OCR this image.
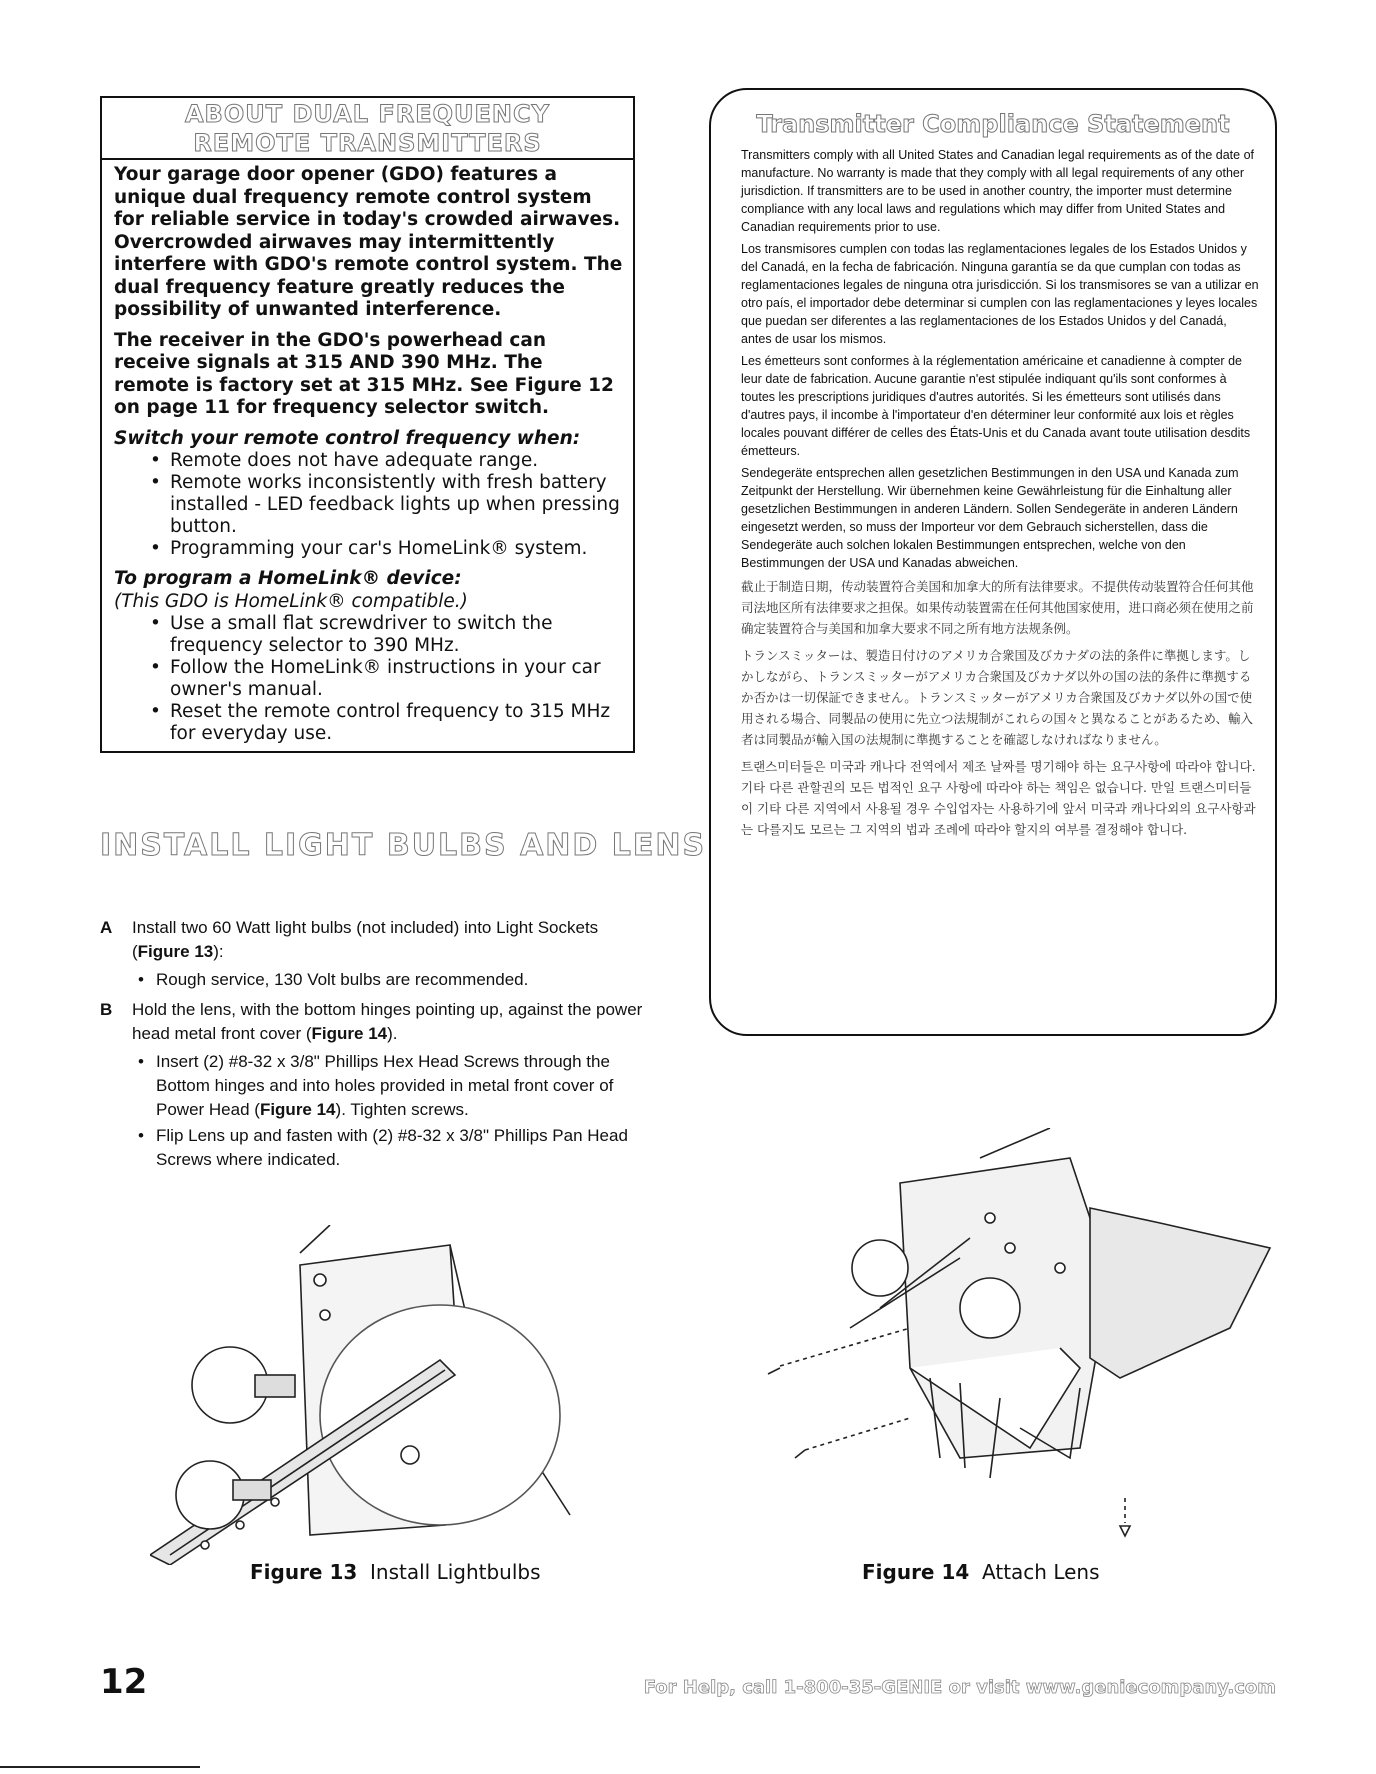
ABOUT DUAL FREQUENCY
REMOTE TRANSMITTERS

Your garage door opener (GDO) features a unique dual frequency remote control system for reliable service in today's crowded airwaves. Overcrowded airwaves may intermittently interfere with GDO's remote control system. The dual frequency feature greatly reduces the possibility of unwanted interference.

The receiver in the GDO's powerhead can receive signals at 315 AND 390 MHz. The remote is factory set at 315 MHz. See Figure 12 on page 11 for frequency selector switch.

Switch your remote control frequency when:

• Remote does not have adequate range.
• Remote works inconsistently with fresh battery installed - LED feedback lights up when pressing button.
• Programming your car's HomeLink® system.

To program a HomeLink® device:

(This GDO is HomeLink® compatible.)

• Use a small flat screwdriver to switch the frequency selector to 390 MHz.
• Follow the HomeLink® instructions in your car owner's manual.
• Reset the remote control frequency to 315 MHz for everyday use.
Transmitter Compliance Statement

Transmitters comply with all United States and Canadian legal requirements as of the date of manufacture. No warranty is made that they comply with all legal requirements of any other jurisdiction. If transmitters are to be used in another country, the importer must determine compliance with any local laws and regulations which may differ from United States and Canadian requirements prior to use.

Los transmisores cumplen con todas las reglamentaciones legales de los Estados Unidos y del Canadá, en la fecha de fabricación. Ninguna garantía se da que cumplan con todas as reglamentaciones legales de ninguna otra jurisdicción. Si los transmisores se van a utilizar en otro país, el importador debe determinar si cumplen con las reglamentaciones y leyes locales que puedan ser diferentes a las reglamentaciones de los Estados Unidos y del Canadá, antes de usar los mismos.

Les émetteurs sont conformes à la réglementation américaine et canadienne à compter de leur date de fabrication. Aucune garantie n'est stipulée indiquant qu'ils sont conformes à toutes les prescriptions juridiques d'autres autorités. Si les émetteurs sont utilisés dans d'autres pays, il incombe à l'importateur d'en déterminer leur conformité aux lois et règles locales pouvant différer de celles des États-Unis et du Canada avant toute utilisation desdits émetteurs.

Sendegeräte entsprechen allen gesetzlichen Bestimmungen in den USA und Kanada zum Zeitpunkt der Herstellung. Wir übernehmen keine Gewährleistung für die Einhaltung aller gesetzlichen Bestimmungen in anderen Ländern. Sollen Sendegeräte in anderen Ländern eingesetzt werden, so muss der Importeur vor dem Gebrauch sicherstellen, dass die Sendegeräte auch solchen lokalen Bestimmungen entsprechen, welche von den Bestimmungen der USA und Kanadas abweichen.

截止于制造日期，传动装置符合美国和加拿大的所有法律要求。不提供传动装置符合任何其他司法地区所有法律要求之担保。如果传动装置需在任何其他国家使用，进口商必须在使用之前确定装置符合与美国和加拿大要求不同之所有地方法规条例。

トランスミッターは、製造日付けのアメリカ合衆国及びカナダの法的条件に準拠します。しかしながら、トランスミッターがアメリカ合衆国及びカナダ以外の国の法的条件に準拠するか否かは一切保証できません。トランスミッターがアメリカ合衆国及びカナダ以外の国で使用される場合、同製品の使用に先立つ法規制がこれらの国々と異なることがあるため、輸入者は同製品が輸入国の法規制に準拠することを確認しなければなりません。

트랜스미터들은 미국과 캐나다 전역에서 제조 날짜를 명기해야 하는 요구사항에 따라야 합니다. 기타 다른 관할권의 모든 법적인 요구 사항에 따라야 하는 책임은 없습니다. 만일 트랜스미터들이 기타 다른 지역에서 사용될 경우 수입업자는 사용하기에 앞서 미국과 캐나다외의 요구사항과는 다를지도 모르는 그 지역의 법과 조례에 따라야 할지의 여부를 결정해야 합니다.

INSTALL LIGHT BULBS AND LENS
A Install two 60 Watt light bulbs (not included) into Light Sockets (Figure 13):
• Rough service, 130 Volt bulbs are recommended.
B Hold the lens, with the bottom hinges pointing up, against the power head metal front cover (Figure 14).
• Insert (2) #8-32 x 3/8" Phillips Hex Head Screws through the Bottom hinges and into holes provided in metal front cover of Power Head (Figure 14). Tighten screws.
• Flip Lens up and fasten with (2) #8-32 x 3/8" Phillips Pan Head Screws where indicated.
Figure 13 Install Lightbulbs	Figure 14 Attach Lens
12	For Help, call 1-800-35-GENIE or visit www.geniecompany.com
